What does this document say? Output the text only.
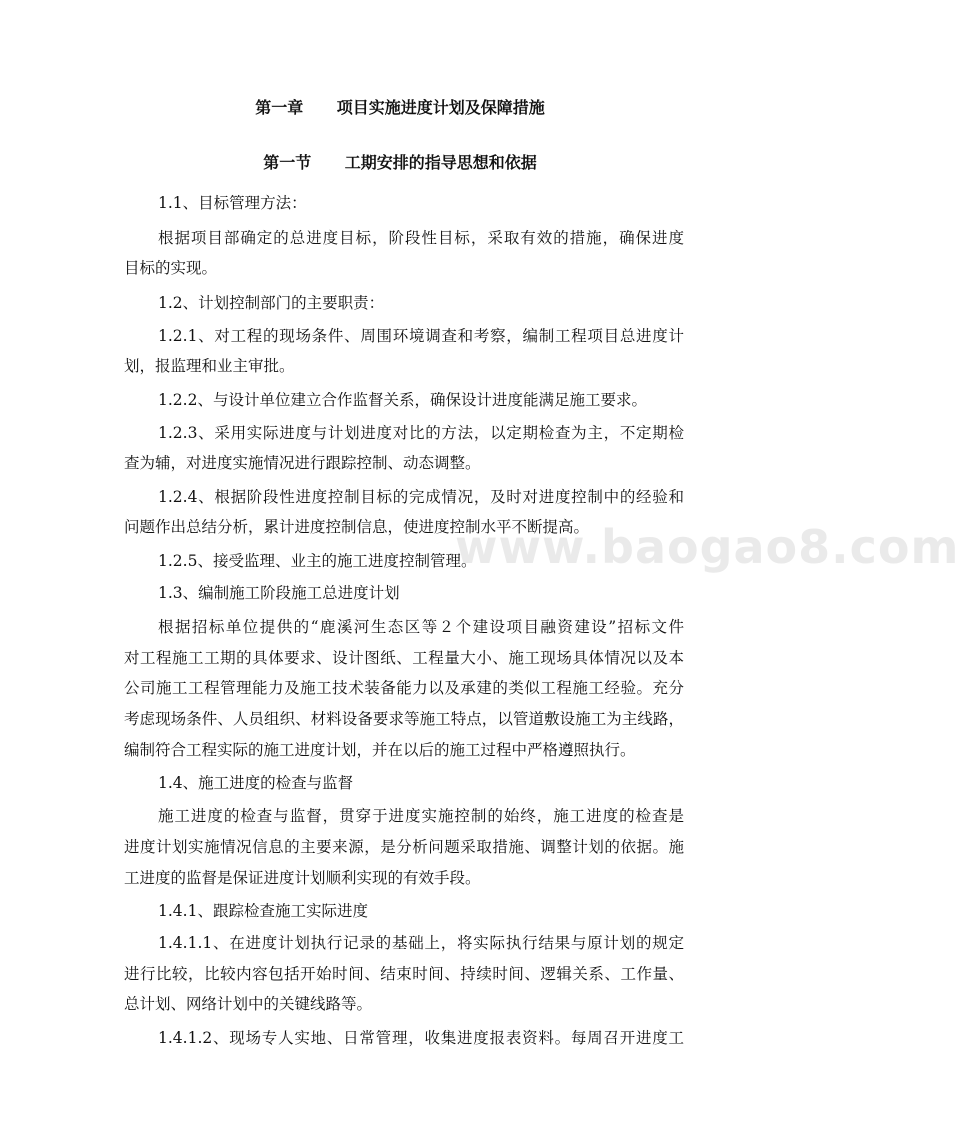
第一章      项目实施进度计划及保障措施
第一节      工期安排的指导思想和依据
1.1、目标管理方法：
根据项目部确定的总进度目标，阶段性目标，采取有效的措施，确保进度
目标的实现。
1.2、计划控制部门的主要职责：
1.2.1、对工程的现场条件、周围环境调查和考察，编制工程项目总进度计
划，报监理和业主审批。
1.2.2、与设计单位建立合作监督关系，确保设计进度能满足施工要求。
1.2.3、采用实际进度与计划进度对比的方法，以定期检查为主，不定期检
查为辅，对进度实施情况进行跟踪控制、动态调整。
1.2.4、根据阶段性进度控制目标的完成情况，及时对进度控制中的经验和
问题作出总结分析，累计进度控制信息，使进度控制水平不断提高。
1.2.5、接受监理、业主的施工进度控制管理。
1.3、编制施工阶段施工总进度计划
根据招标单位提供的“鹿溪河生态区等２个建设项目融资建设”招标文件
对工程施工工期的具体要求、设计图纸、工程量大小、施工现场具体情况以及本
公司施工工程管理能力及施工技术装备能力以及承建的类似工程施工经验。充分
考虑现场条件、人员组织、材料设备要求等施工特点，以管道敷设施工为主线路，
编制符合工程实际的施工进度计划，并在以后的施工过程中严格遵照执行。
1.4、施工进度的检查与监督
施工进度的检查与监督，贯穿于进度实施控制的始终，施工进度的检查是
进度计划实施情况信息的主要来源，是分析问题采取措施、调整计划的依据。施
工进度的监督是保证进度计划顺利实现的有效手段。
1.4.1、跟踪检查施工实际进度
1.4.1.1、在进度计划执行记录的基础上，将实际执行结果与原计划的规定
进行比较，比较内容包括开始时间、结束时间、持续时间、逻辑关系、工作量、
总计划、网络计划中的关键线路等。
1.4.1.2、现场专人实地、日常管理，收集进度报表资料。每周召开进度工
www.baogao8.com
